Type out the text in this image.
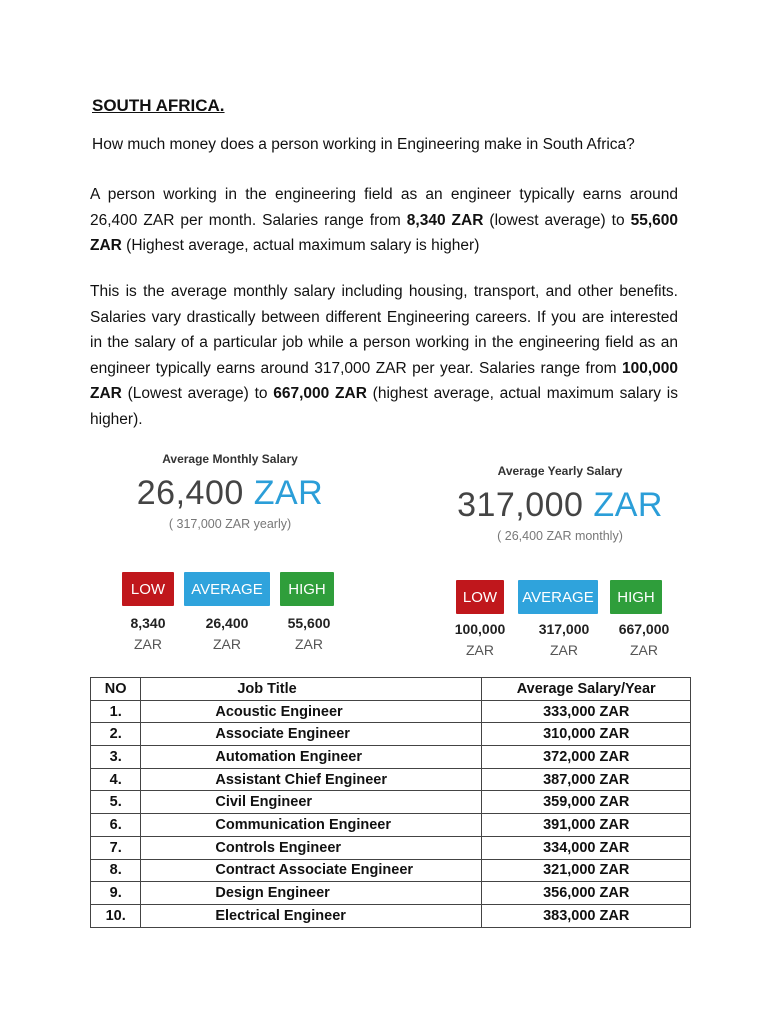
SOUTH AFRICA.
How much money does a person working in Engineering make in South Africa?
A person working in the engineering field as an engineer typically earns around 26,400 ZAR per month. Salaries range from 8,340 ZAR (lowest average) to 55,600 ZAR (Highest average, actual maximum salary is higher)
This is the average monthly salary including housing, transport, and other benefits. Salaries vary drastically between different Engineering careers. If you are interested in the salary of a particular job while a person working in the engineering field as an engineer typically earns around 317,000 ZAR per year. Salaries range from 100,000 ZAR (Lowest average) to 667,000 ZAR (highest average, actual maximum salary is higher).
Average Monthly Salary
26,400 ZAR
( 317,000 ZAR yearly)
LOW	AVERAGE	HIGH
8,340
ZAR
26,400
ZAR
55,600
ZAR
Average Yearly Salary
317,000 ZAR
( 26,400 ZAR monthly)
LOW	AVERAGE	HIGH
100,000
ZAR
317,000
ZAR
667,000
ZAR
NO	Job Title	Average Salary/Year
1.	Acoustic Engineer	333,000 ZAR
2.	Associate Engineer	310,000 ZAR
3.	Automation Engineer	372,000 ZAR
4.	Assistant Chief Engineer	387,000 ZAR
5.	Civil Engineer	359,000 ZAR
6.	Communication Engineer	391,000 ZAR
7.	Controls Engineer	334,000 ZAR
8.	Contract Associate Engineer	321,000 ZAR
9.	Design Engineer	356,000 ZAR
10.	Electrical Engineer	383,000 ZAR
